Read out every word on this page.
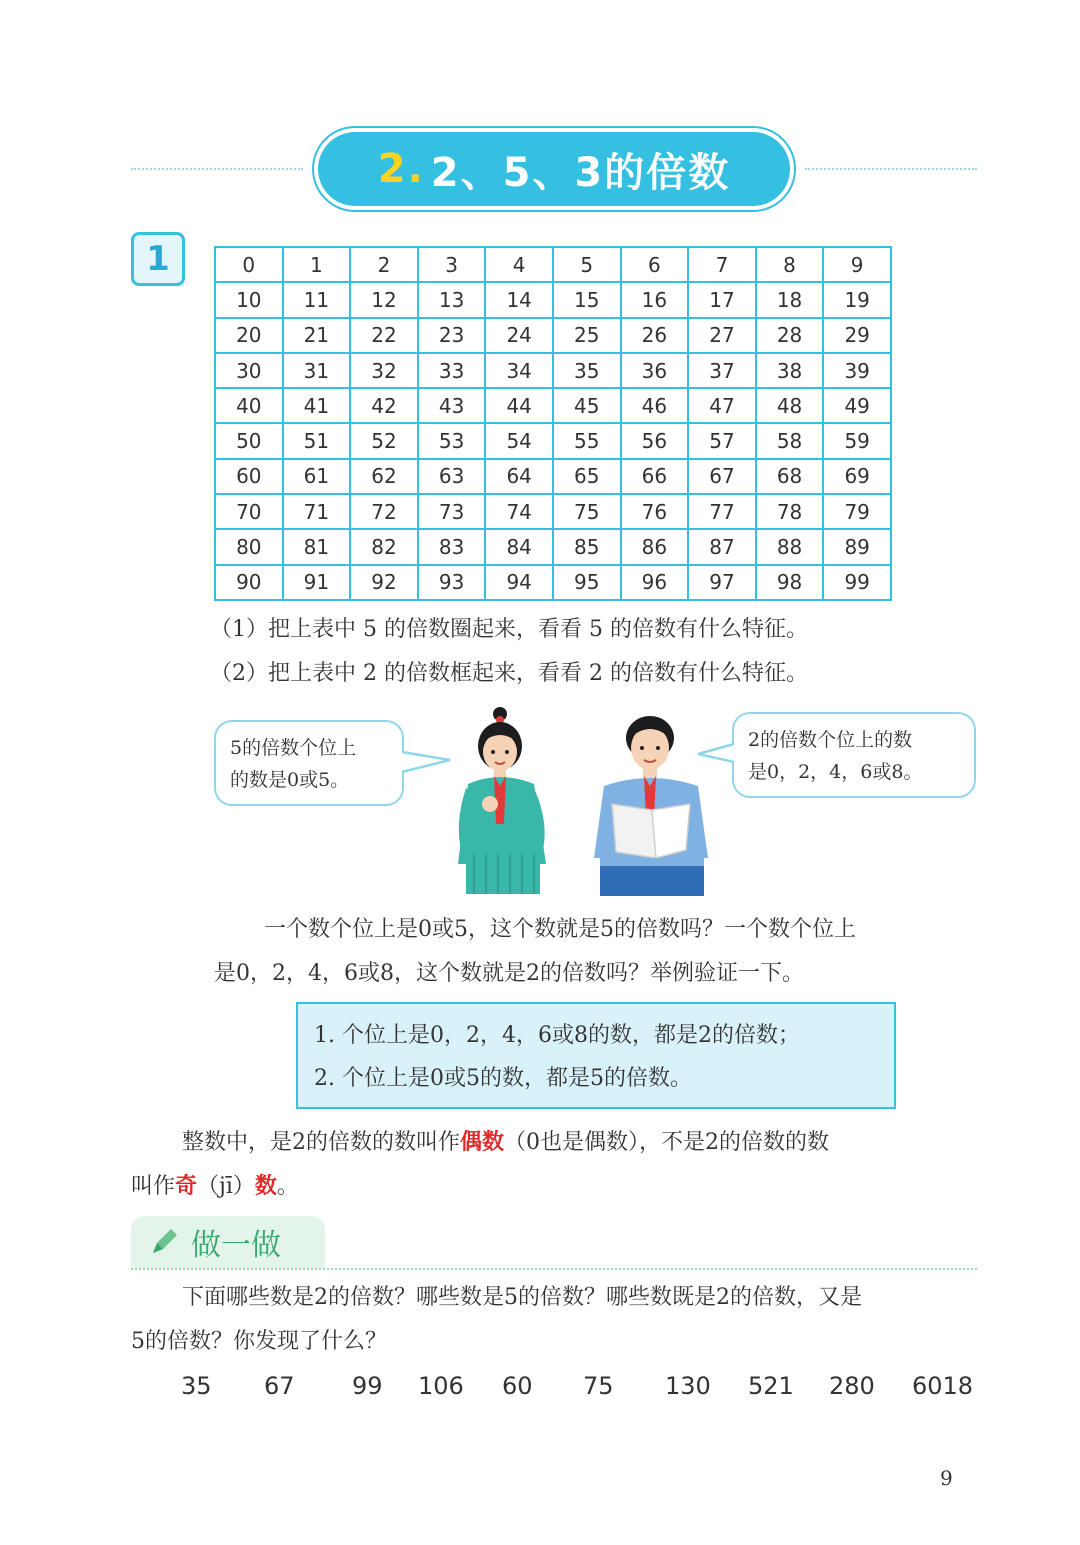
2. 2、5、3的倍数
1	0	1	2	3	4	5	6	7	8	9
10	11	12	13	14	15	16	17	18	19
20	21	22	23	24	25	26	27	28	29
30	31	32	33	34	35	36	37	38	39
40	41	42	43	44	45	46	47	48	49
50	51	52	53	54	55	56	57	58	59
60	61	62	63	64	65	66	67	68	69
70	71	72	73	74	75	76	77	78	79
80	81	82	83	84	85	86	87	88	89
90	91	92	93	94	95	96	97	98	99
（1）把上表中 5 的倍数圈起来，看看 5 的倍数有什么特征。
（2）把上表中 2 的倍数框起来，看看 2 的倍数有什么特征。
5的倍数个位上
的数是0或5。
2的倍数个位上的数
是0，2，4，6或8。
一个数个位上是0或5，这个数就是5的倍数吗？一个数个位上
是0，2，4，6或8，这个数就是2的倍数吗？举例验证一下。
1. 个位上是0，2，4，6或8的数，都是2的倍数；
2. 个位上是0或5的数，都是5的倍数。
整数中，是2的倍数的数叫作偶数（0也是偶数），不是2的倍数的数
叫作奇（jī）数。
做一做
下面哪些数是2的倍数？哪些数是5的倍数？哪些数既是2的倍数，又是
5的倍数？你发现了什么？
35 67 99 106 60 75 130 521 280 6018
9
